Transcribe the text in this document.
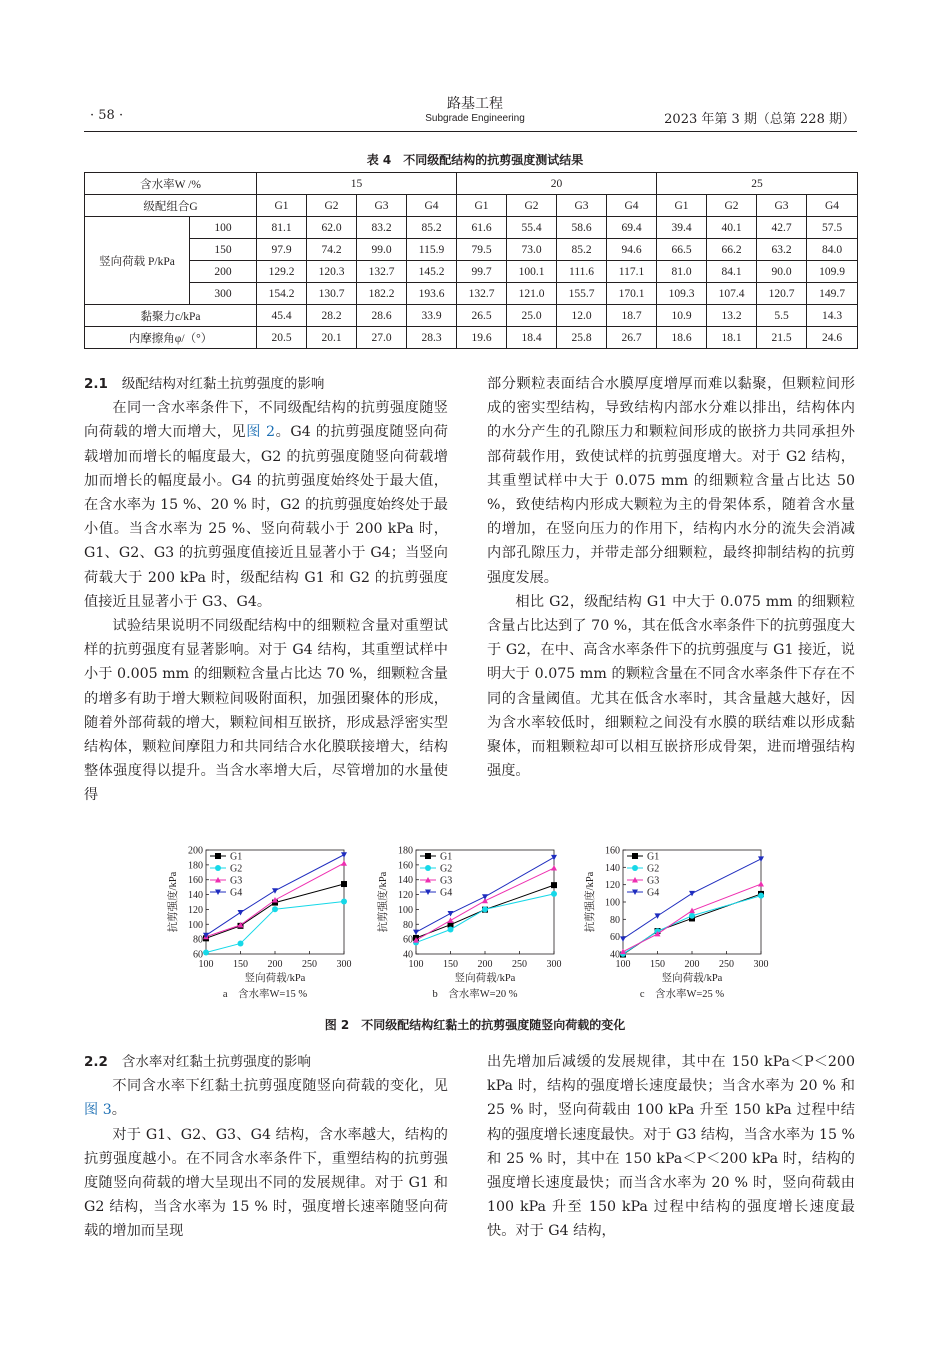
· 58 ·
路基工程
Subgrade Engineering	2023 年第 3 期（总第 228 期）
表 4　不同级配结构的抗剪强度测试结果
含水率W /%		15				20				25			
级配组合G		G1	G2	G3	G4	G1	G2	G3	G4	G1	G2	G3	G4
竖向荷载 P/kPa	100	81.1	62.0	83.2	85.2	61.6	55.4	58.6	69.4	39.4	40.1	42.7	57.5
	150	97.9	74.2	99.0	115.9	79.5	73.0	85.2	94.6	66.5	66.2	63.2	84.0
	200	129.2	120.3	132.7	145.2	99.7	100.1	111.6	117.1	81.0	84.1	90.0	109.9
	300	154.2	130.7	182.2	193.6	132.7	121.0	155.7	170.1	109.3	107.4	120.7	149.7
黏聚力c/kPa		45.4	28.2	28.6	33.9	26.5	25.0	12.0	18.7	10.9	13.2	5.5	14.3
内摩擦角φ/（°）		20.5	20.1	27.0	28.3	19.6	18.4	25.8	26.7	18.6	18.1	21.5	24.6

2.1 级配结构对红黏土抗剪强度的影响

在同一含水率条件下，不同级配结构的抗剪强度随竖向荷载的增大而增大，见图 2。G4 的抗剪强度随竖向荷载增加而增长的幅度最大，G2 的抗剪强度随竖向荷载增加而增长的幅度最小。G4 的抗剪强度始终处于最大值，在含水率为 15 %、20 % 时，G2 的抗剪强度始终处于最小值。当含水率为 25 %、竖向荷载小于 200 kPa 时，G1、G2、G3 的抗剪强度值接近且显著小于 G4；当竖向荷载大于 200 kPa 时，级配结构 G1 和 G2 的抗剪强度值接近且显著小于 G3、G4。

试验结果说明不同级配结构中的细颗粒含量对重塑试样的抗剪强度有显著影响。对于 G4 结构，其重塑试样中小于 0.005 mm 的细颗粒含量占比达 70 %，细颗粒含量的增多有助于增大颗粒间吸附面积，加强团聚体的形成，随着外部荷载的增大，颗粒间相互嵌挤，形成悬浮密实型结构体，颗粒间摩阻力和共同结合水化膜联接增大，结构整体强度得以提升。当含水率增大后，尽管增加的水量使得

部分颗粒表面结合水膜厚度增厚而难以黏聚，但颗粒间形成的密实型结构，导致结构内部水分难以排出，结构体内的水分产生的孔隙压力和颗粒间形成的嵌挤力共同承担外部荷载作用，致使试样的抗剪强度增大。对于 G2 结构，其重塑试样中大于 0.075 mm 的细颗粒含量占比达 50 %，致使结构内形成大颗粒为主的骨架体系，随着含水量的增加，在竖向压力的作用下，结构内水分的流失会消减内部孔隙压力，并带走部分细颗粒，最终抑制结构的抗剪强度发展。

相比 G2，级配结构 G1 中大于 0.075 mm 的细颗粒含量占比达到了 70 %，其在低含水率条件下的抗剪强度大于 G2，在中、高含水率条件下的抗剪强度与 G1 接近，说明大于 0.075 mm 的颗粒含量在不同含水率条件下存在不同的含量阈值。尤其在低含水率时，其含量越大越好，因为含水率较低时，细颗粒之间没有水膜的联结难以形成黏聚体，而粗颗粒却可以相互嵌挤形成骨架，进而增强结构强度。

60
80
100
120
140
160
180
200
100 150 200 250 300
竖向荷载/kPa
抗剪强度/kPa
a　含水率W=15 %
G1
G2
G3
G4
40
60
80
100
120
140
160
180
100 150 200 250 300
竖向荷载/kPa
抗剪强度/kPa
b　含水率W=20 %
G1
G2
G3
G4
40
60
80
100
120
140
160
100 150 200 250 300
竖向荷载/kPa
抗剪强度/kPa
c　含水率W=25 %
G1
G2
G3
G4
图 2　不同级配结构红黏土的抗剪强度随竖向荷载的变化

2.2 含水率对红黏土抗剪强度的影响

不同含水率下红黏土抗剪强度随竖向荷载的变化，见图 3。

对于 G1、G2、G3、G4 结构，含水率越大，结构的抗剪强度越小。在不同含水率条件下，重塑结构的抗剪强度随竖向荷载的增大呈现出不同的发展规律。对于 G1 和 G2 结构，当含水率为 15 % 时，强度增长速率随竖向荷载的增加而呈现

出先增加后减缓的发展规律，其中在 150 kPa＜P＜200 kPa 时，结构的强度增长速度最快；当含水率为 20 % 和 25 % 时，竖向荷载由 100 kPa 升至 150 kPa 过程中结构的强度增长速度最快。对于 G3 结构，当含水率为 15 % 和 25 % 时，其中在 150 kPa＜P＜200 kPa 时，结构的强度增长速度最快；而当含水率为 20 % 时，竖向荷载由 100 kPa 升至 150 kPa 过程中结构的强度增长速度最快。对于 G4 结构，
